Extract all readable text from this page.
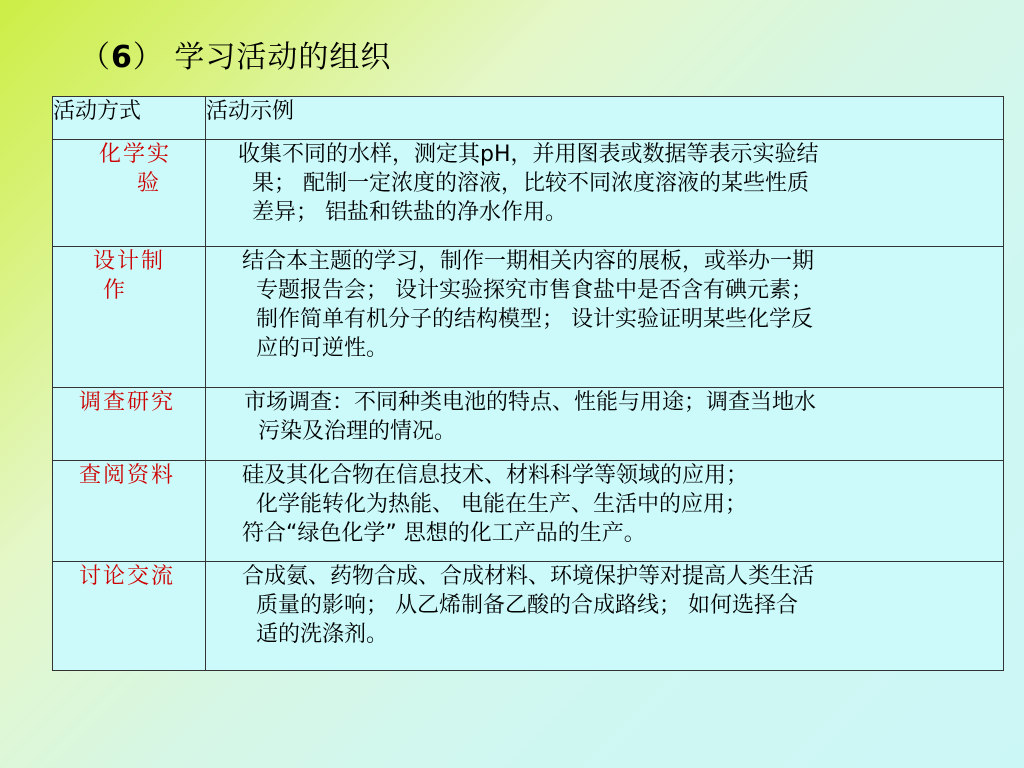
（6） 学习活动的组织
活动方式	活动示例

化学实
验	收集不同的水样，测定其pH，并用图表或数据等表示实验结
果； 配制一定浓度的溶液，比较不同浓度溶液的某些性质
差异； 铝盐和铁盐的净水作用。

设计制
作	结合本主题的学习，制作一期相关内容的展板，或举办一期
专题报告会； 设计实验探究市售食盐中是否含有碘元素；
制作简单有机分子的结构模型； 设计实验证明某些化学反
应的可逆性。

调查研究	市场调查：不同种类电池的特点、性能与用途；调查当地水
污染及治理的情况。

查阅资料	硅及其化合物在信息技术、材料科学等领域的应用；
化学能转化为热能、 电能在生产、生活中的应用；
符合“绿色化学” 思想的化工产品的生产。

讨论交流	合成氨、药物合成、合成材料、环境保护等对提高人类生活
质量的影响； 从乙烯制备乙酸的合成路线； 如何选择合
适的洗涤剂。
